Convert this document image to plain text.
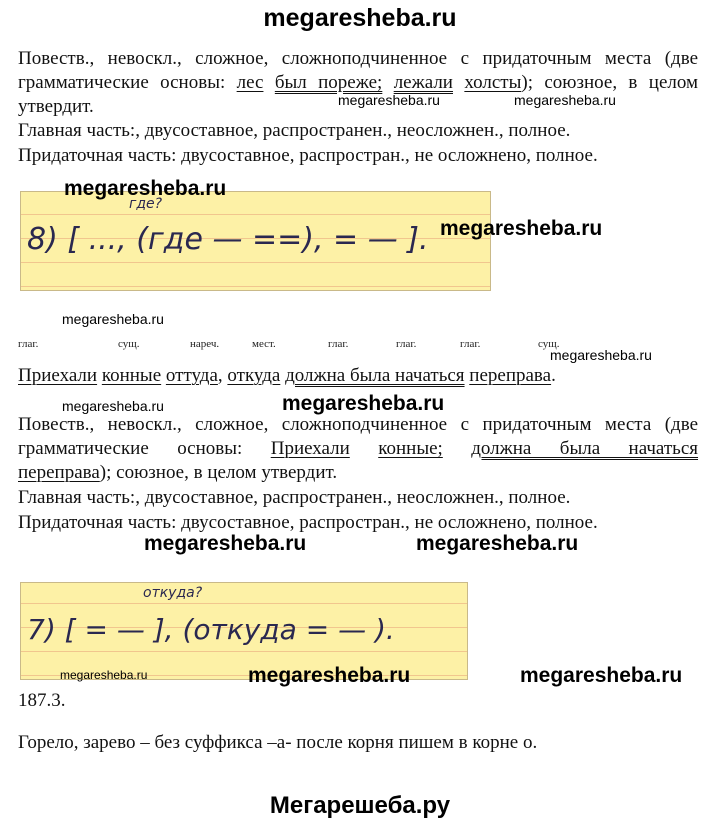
megaresheba.ru
Повеств., невоскл., сложное, сложноподчиненное с придаточным места (две
грамматические основы: лес был пореже; лежали холсты); союзное, в целом
утвердит.
Главная часть:, двусоставное, распространен., неосложнен., полное.
Придаточная часть: двусоставное, распростран., не осложнено, полное.
где?
8) [ ..., (где — ==), = — ].
глаг.	сущ.	нареч.	мест.	глаг.	глаг.	глаг.	сущ.
Приехали конные оттуда, откуда должна была начаться переправа.
Повеств., невоскл., сложное, сложноподчиненное с придаточным места (две
грамматические основы: Приехали конные; должна была начаться
переправа); союзное, в целом утвердит.
Главная часть:, двусоставное, распространен., неосложнен., полное.
Придаточная часть: двусоставное, распростран., не осложнено, полное.
откуда?
7) [ = — ], (откуда = — ).
187.3.
Горело, зарево – без суффикса –а- после корня пишем в корне о.
Мегарешеба.ру
megaresheba.ru	megaresheba.ru
megaresheba.ru
megaresheba.ru
megaresheba.ru
megaresheba.ru
megaresheba.ru	megaresheba.ru
megaresheba.ru	megaresheba.ru
megaresheba.ru	megaresheba.ru	megaresheba.ru
